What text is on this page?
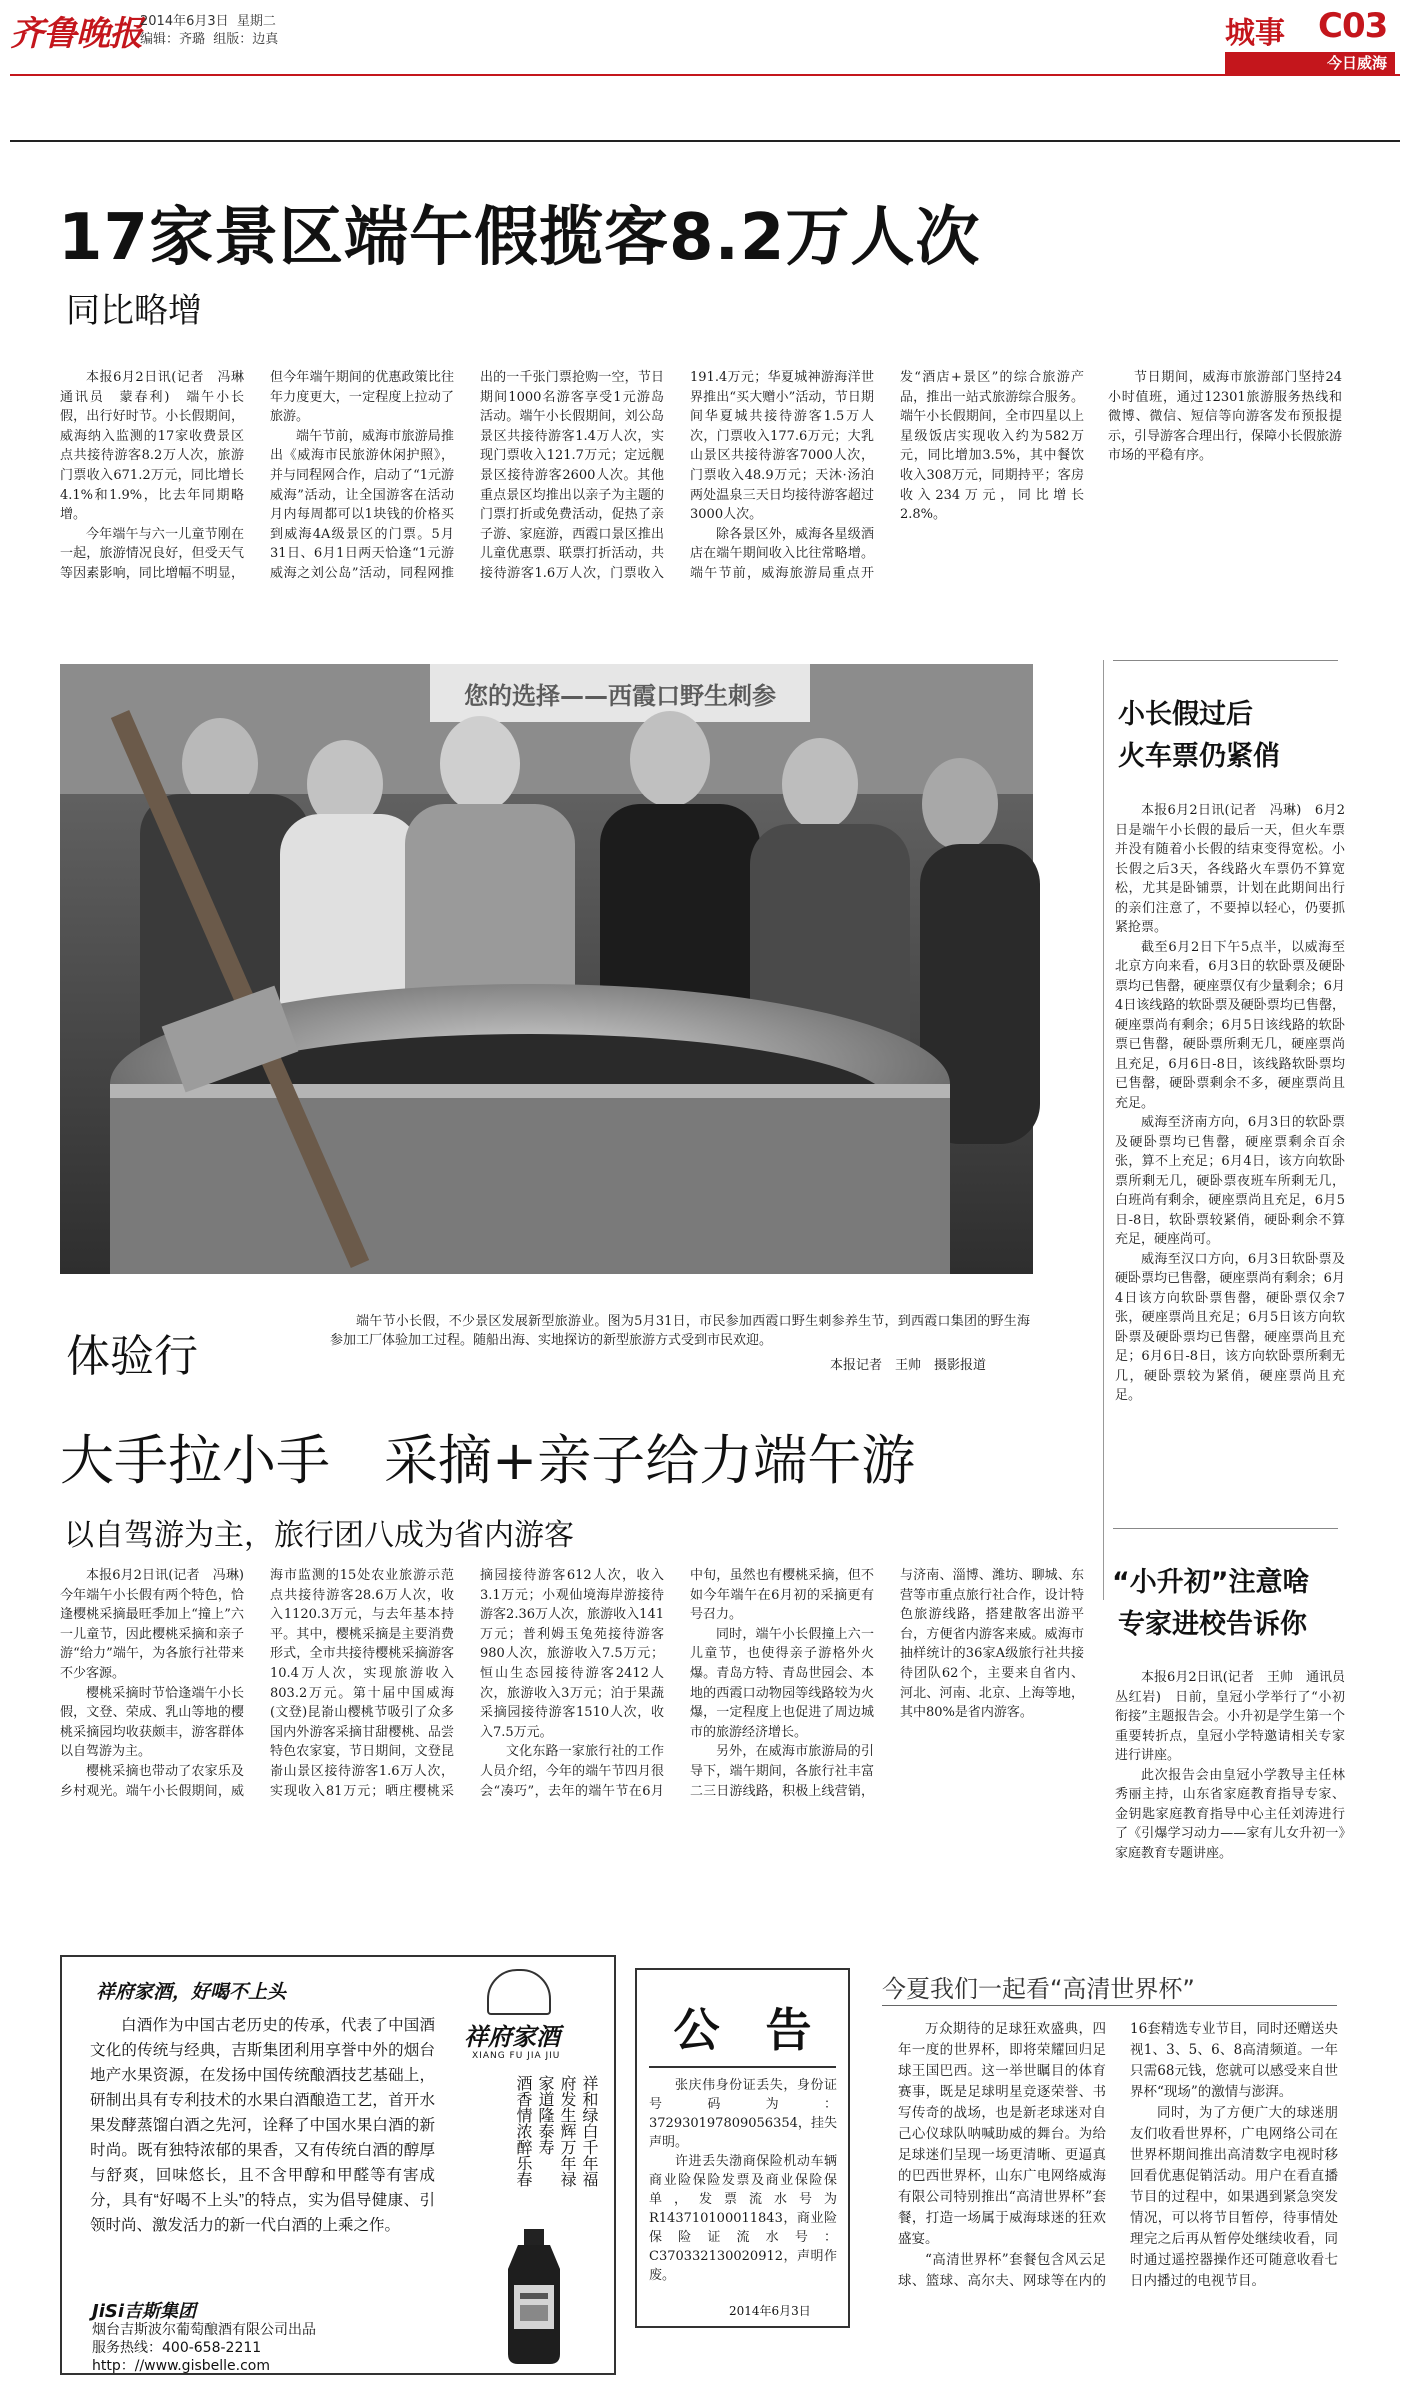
齐鲁晚报
2014年6月3日 星期二
编辑：齐璐 组版：边真	城事 C03
今日威海
17家景区端午假揽客8.2万人次
同比略增

本报6月2日讯(记者　冯琳　通讯员　蒙春利)　端午小长假，出行好时节。小长假期间，威海纳入监测的17家收费景区点共接待游客8.2万人次，旅游门票收入671.2万元，同比增长4.1%和1.9%，比去年同期略增。

今年端午与六一儿童节刚在一起，旅游情况良好，但受天气等因素影响，同比增幅不明显，但今年端午期间的优惠政策比往年力度更大，一定程度上拉动了旅游。

端午节前，威海市旅游局推出《威海市民旅游休闲护照》，并与同程网合作，启动了“1元游威海”活动，让全国游客在活动月内每周都可以1块钱的价格买到威海4A级景区的门票。5月31日、6月1日两天恰逢“1元游威海之刘公岛”活动，同程网推出的一千张门票抢购一空，节日期间1000名游客享受1元游岛活动。端午小长假期间，刘公岛景区共接待游客1.4万人次，实现门票收入121.7万元；定远舰景区接待游客2600人次。其他重点景区均推出以亲子为主题的门票打折或免费活动，促热了亲子游、家庭游，西霞口景区推出儿童优惠票、联票打折活动，共接待游客1.6万人次，门票收入191.4万元；华夏城神游海洋世界推出“买大赠小”活动，节日期间华夏城共接待游客1.5万人次，门票收入177.6万元；大乳山景区共接待游客7000人次，门票收入48.9万元；天沐·汤泊两处温泉三天日均接待游客超过3000人次。

除各景区外，威海各星级酒店在端午期间收入比往常略增。端午节前，威海旅游局重点开发“酒店+景区”的综合旅游产品，推出一站式旅游综合服务。端午小长假期间，全市四星以上星级饭店实现收入约为582万元，同比增加3.5%，其中餐饮收入308万元，同期持平；客房收入234万元，同比增长2.8%。

节日期间，威海市旅游部门坚持24小时值班，通过12301旅游服务热线和微博、微信、短信等向游客发布预报提示，引导游客合理出行，保障小长假旅游市场的平稳有序。

您的选择——西霞口野生刺参
体验行

端午节小长假，不少景区发展新型旅游业。图为5月31日，市民参加西霞口野生刺参养生节，到西霞口集团的野生海参加工厂体验加工过程。随船出海、实地探访的新型旅游方式受到市民欢迎。

本报记者　王帅　摄影报道
小长假过后
火车票仍紧俏

本报6月2日讯(记者　冯琳)　6月2日是端午小长假的最后一天，但火车票并没有随着小长假的结束变得宽松。小长假之后3天，各线路火车票仍不算宽松，尤其是卧铺票，计划在此期间出行的亲们注意了，不要掉以轻心，仍要抓紧抢票。

截至6月2日下午5点半，以威海至北京方向来看，6月3日的软卧票及硬卧票均已售罄，硬座票仅有少量剩余；6月4日该线路的软卧票及硬卧票均已售罄，硬座票尚有剩余；6月5日该线路的软卧票已售罄，硬卧票所剩无几，硬座票尚且充足，6月6日-8日，该线路软卧票均已售罄，硬卧票剩余不多，硬座票尚且充足。

威海至济南方向，6月3日的软卧票及硬卧票均已售罄，硬座票剩余百余张，算不上充足；6月4日，该方向软卧票所剩无几，硬卧票夜班车所剩无几，白班尚有剩余，硬座票尚且充足，6月5日-8日，软卧票较紧俏，硬卧剩余不算充足，硬座尚可。

威海至汉口方向，6月3日软卧票及硬卧票均已售罄，硬座票尚有剩余；6月4日该方向软卧票售罄，硬卧票仅余7张，硬座票尚且充足；6月5日该方向软卧票及硬卧票均已售罄，硬座票尚且充足；6月6日-8日，该方向软卧票所剩无几，硬卧票较为紧俏，硬座票尚且充足。

大手拉小手　采摘+亲子给力端午游
以自驾游为主，旅行团八成为省内游客

本报6月2日讯(记者　冯琳)　今年端午小长假有两个特色，恰逢樱桃采摘最旺季加上“撞上”六一儿童节，因此樱桃采摘和亲子游“给力”端午，为各旅行社带来不少客源。

樱桃采摘时节恰逢端午小长假，文登、荣成、乳山等地的樱桃采摘园均收获颇丰，游客群体以自驾游为主。

樱桃采摘也带动了农家乐及乡村观光。端午小长假期间，威海市监测的15处农业旅游示范点共接待游客28.6万人次，收入1120.3万元，与去年基本持平。其中，樱桃采摘是主要消费形式，全市共接待樱桃采摘游客10.4万人次，实现旅游收入803.2万元。第十届中国威海(文登)昆嵛山樱桃节吸引了众多国内外游客采摘甘甜樱桃、品尝特色农家宴，节日期间，文登昆嵛山景区接待游客1.6万人次，实现收入81万元；晒庄樱桃采摘园接待游客612人次，收入3.1万元；小观仙境海岸游接待游客2.36万人次，旅游收入141万元；普利姆玉兔苑接待游客980人次，旅游收入7.5万元；恒山生态园接待游客2412人次，旅游收入3万元；泊于果蔬采摘园接待游客1510人次，收入7.5万元。

文化东路一家旅行社的工作人员介绍，今年的端午节四月很会“凑巧”，去年的端午节在6月中旬，虽然也有樱桃采摘，但不如今年端午在6月初的采摘更有号召力。

同时，端午小长假撞上六一儿童节，也使得亲子游格外火爆。青岛方特、青岛世园会、本地的西霞口动物园等线路较为火爆，一定程度上也促进了周边城市的旅游经济增长。

另外，在威海市旅游局的引导下，端午期间，各旅行社丰富二三日游线路，积极上线营销，与济南、淄博、潍坊、聊城、东营等市重点旅行社合作，设计特色旅游线路，搭建散客出游平台，方便省内游客来威。威海市抽样统计的36家A级旅行社共接待团队62个，主要来自省内、河北、河南、北京、上海等地，其中80%是省内游客。

“小升初”注意啥
专家进校告诉你

本报6月2日讯(记者　王帅　通讯员　丛红岩)　日前，皇冠小学举行了“小初衔接”主题报告会。小升初是学生第一个重要转折点，皇冠小学特邀请相关专家进行讲座。

此次报告会由皇冠小学教导主任林秀丽主持，山东省家庭教育指导专家、金钥匙家庭教育指导中心主任刘涛进行了《引爆学习动力——家有儿女升初一》家庭教育专题讲座。

祥府家酒，好喝不上头
白酒作为中国古老历史的传承，代表了中国酒文化的传统与经典，吉斯集团利用享誉中外的烟台地产水果资源，在发扬中国传统酿酒技艺基础上，研制出具有专利技术的水果白酒酿造工艺，首开水果发酵蒸馏白酒之先河，诠释了中国水果白酒的新时尚。既有独特浓郁的果香，又有传统白酒的醇厚与舒爽，回味悠长，且不含甲醇和甲醛等有害成分，具有“好喝不上头”的特点，实为倡导健康、引领时尚、激发活力的新一代白酒的上乘之作。
祥府家酒
XIANG FU JIA JIU
祥和绿白千年福
府发生辉万年禄
家道隆泰寿
酒香情浓醉乐春
JiSi吉斯集团
烟台吉斯波尔葡萄酿酒有限公司出品
服务热线：400-658-2211
http：//www.gisbelle.com
公　告

张庆伟身份证丢失，身份证号码为：372930197809056354，挂失声明。

许进丢失渤商保险机动车辆商业险保险发票及商业保险保单，发票流水号为R143710100011843，商业险保险证流水号：C37033213002091​2，声明作废。

2014年6月3日
今夏我们一起看“高清世界杯”

万众期待的足球狂欢盛典，四年一度的世界杯，即将荣耀回归足球王国巴西。这一举世瞩目的体育赛事，既是足球明星竞逐荣誉、书写传奇的战场，也是新老球迷对自己心仪球队呐喊助威的舞台。为给足球迷们呈现一场更清晰、更逼真的巴西世界杯，山东广电网络威海有限公司特别推出“高清世界杯”套餐，打造一场属于威海球迷的狂欢盛宴。

“高清世界杯”套餐包含风云足球、篮球、高尔夫、网球等在内的16套精选专业节目，同时还赠送央视1、3、5、6、8高清频道。一年只需68元钱，您就可以感受来自世界杯“现场”的激情与澎湃。

同时，为了方便广大的球迷朋友们收看世界杯，广电网络公司在世界杯期间推出高清数字电视时移回看优惠促销活动。用户在看直播节目的过程中，如果遇到紧急突发情况，可以将节目暂停，待事情处理完之后再从暂停处继续收看，同时通过遥控器操作还可随意收看七日内播过的电视节目。
